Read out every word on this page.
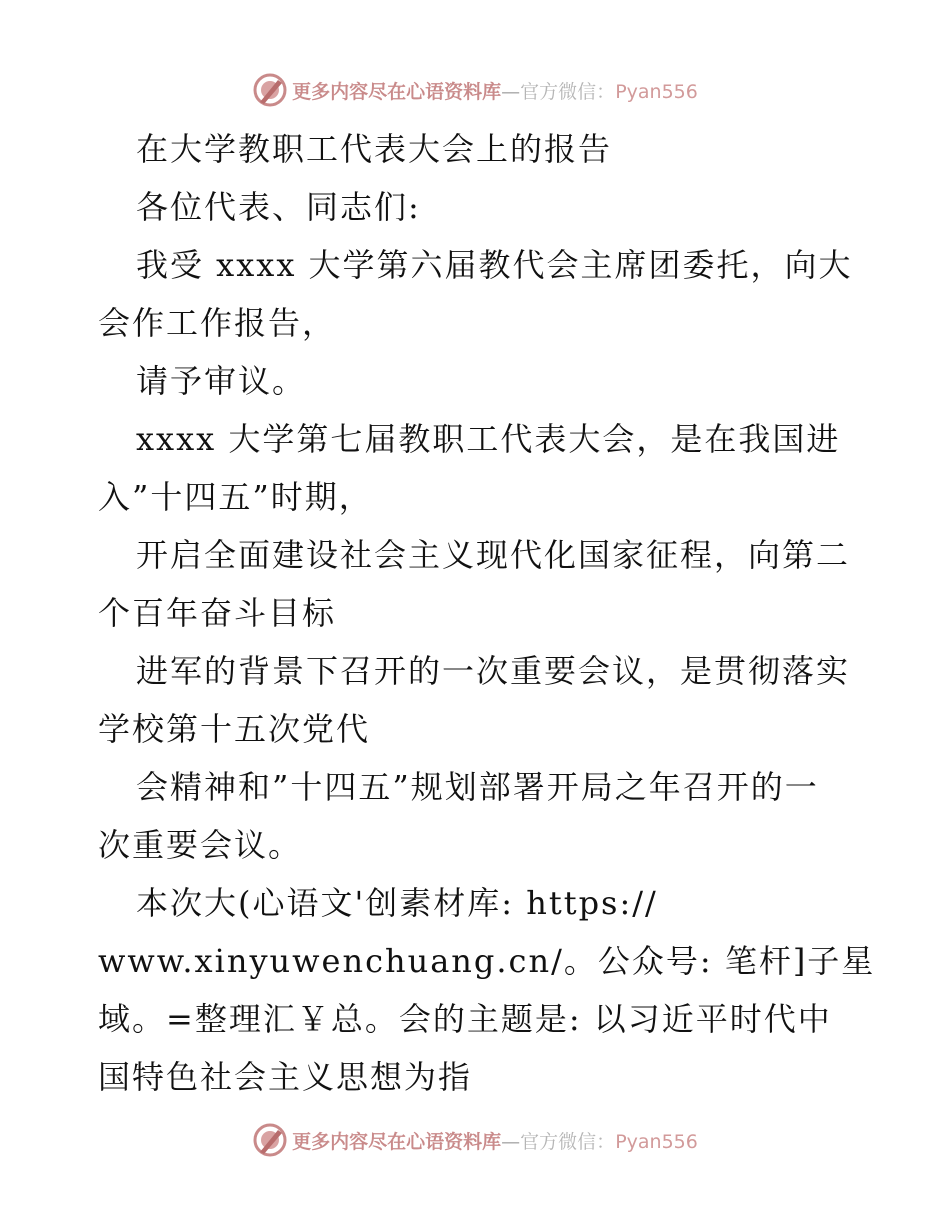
更多内容尽在心语资料库—官方微信：Pyan556
在大学教职工代表大会上的报告
各位代表、同志们:
我受 xxxx 大学第六届教代会主席团委托，向大
会作工作报告，
请予审议。
xxxx 大学第七届教职工代表大会，是在我国进
入”十四五”时期，
开启全面建设社会主义现代化国家征程，向第二
个百年奋斗目标
进军的背景下召开的一次重要会议，是贯彻落实
学校第十五次党代
会精神和”十四五”规划部署开局之年召开的一
次重要会议。
本次大(心语文'创素材库: https://
www.xinyuwenchuang.cn/。公众号: 笔杆]子星
域。=整理汇￥总。会的主题是: 以习近平时代中
国特色社会主义思想为指
更多内容尽在心语资料库—官方微信：Pyan556
